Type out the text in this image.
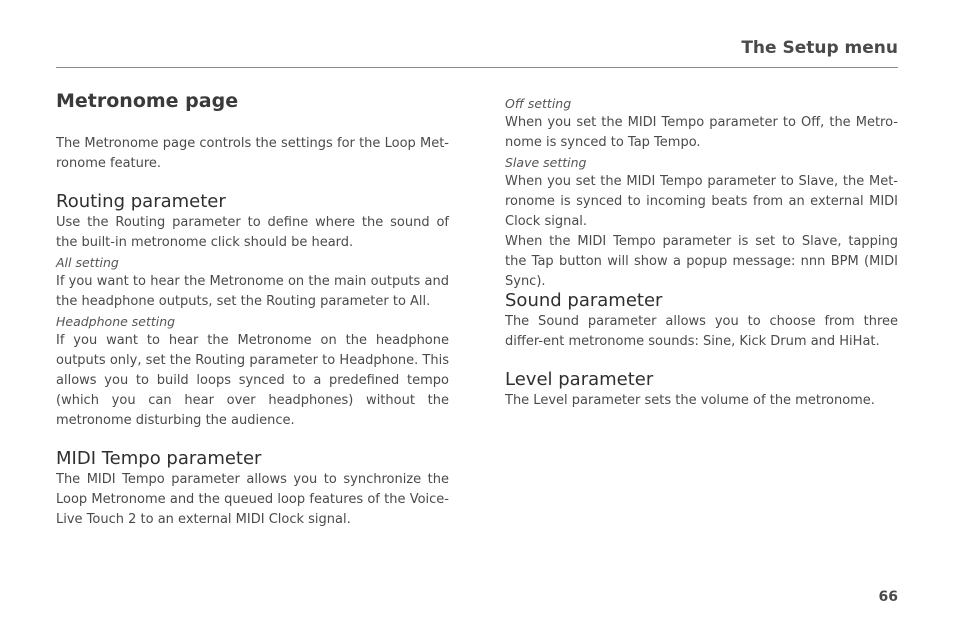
The Setup menu
Metronome page

The Metronome page controls the settings for the Loop Met-ronome feature.

Routing parameter

Use the Routing parameter to define where the sound of the built-in metronome click should be heard.

All setting

If you want to hear the Metronome on the main outputs and the headphone outputs, set the Routing parameter to All.

Headphone setting

If you want to hear the Metronome on the headphone outputs only, set the Routing parameter to Headphone. This allows you to build loops synced to a predefined tempo (which you can hear over headphones) without the metronome disturbing the audience.

MIDI Tempo parameter

The MIDI Tempo parameter allows you to synchronize the Loop Metronome and the queued loop features of the Voice-Live Touch 2 to an external MIDI Clock signal.

Off setting

When you set the MIDI Tempo parameter to Off, the Metro-nome is synced to Tap Tempo.

Slave setting

When you set the MIDI Tempo parameter to Slave, the Met-ronome is synced to incoming beats from an external MIDI Clock signal.

When the MIDI Tempo parameter is set to Slave, tapping the Tap button will show a popup message: nnn BPM (MIDI Sync).

Sound parameter

The Sound parameter allows you to choose from three differ-ent metronome sounds: Sine, Kick Drum and HiHat.

Level parameter

The Level parameter sets the volume of the metronome.

66
